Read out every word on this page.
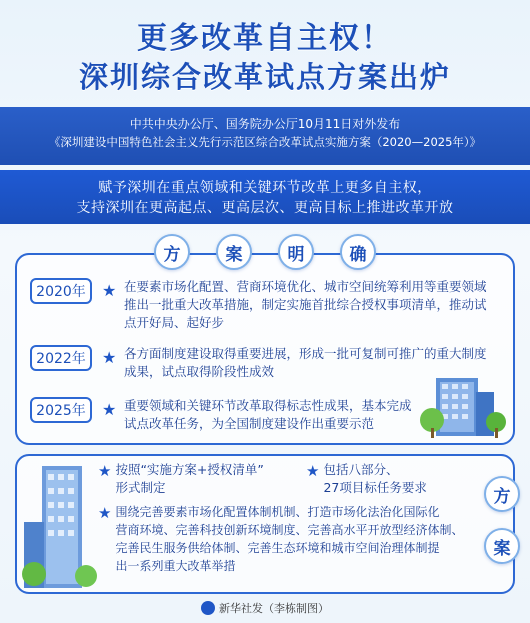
更多改革自主权！
深圳综合改革试点方案出炉
中共中央办公厅、国务院办公厅10月11日对外发布
《深圳建设中国特色社会主义先行示范区综合改革试点实施方案（2020—2025年）》
赋予深圳在重点领域和关键环节改革上更多自主权，
支持深圳在更高起点、更高层次、更高目标上推进改革开放
方	案	明	确
2020年	★ 在要素市场化配置、营商环境优化、城市空间统筹利用等重要领域
推出一批重大改革措施，制定实施首批综合授权事项清单，推动试
点开好局、起好步
2022年	★ 各方面制度建设取得重要进展，形成一批可复制可推广的重大制度
成果，试点取得阶段性成效
2025年	★ 重要领域和关键环节改革取得标志性成果，基本完成
试点改革任务，为全国制度建设作出重要示范
方
案
★ 按照“实施方案+授权清单”
形式制定
★ 包括八部分、
27项目标任务要求
★ 围绕完善要素市场化配置体制机制、打造市场化法治化国际化
营商环境、完善科技创新环境制度、完善高水平开放型经济体制、
完善民生服务供给体制、完善生态环境和城市空间治理体制提
出一系列重大改革举措
新华社发（李栋制图）
